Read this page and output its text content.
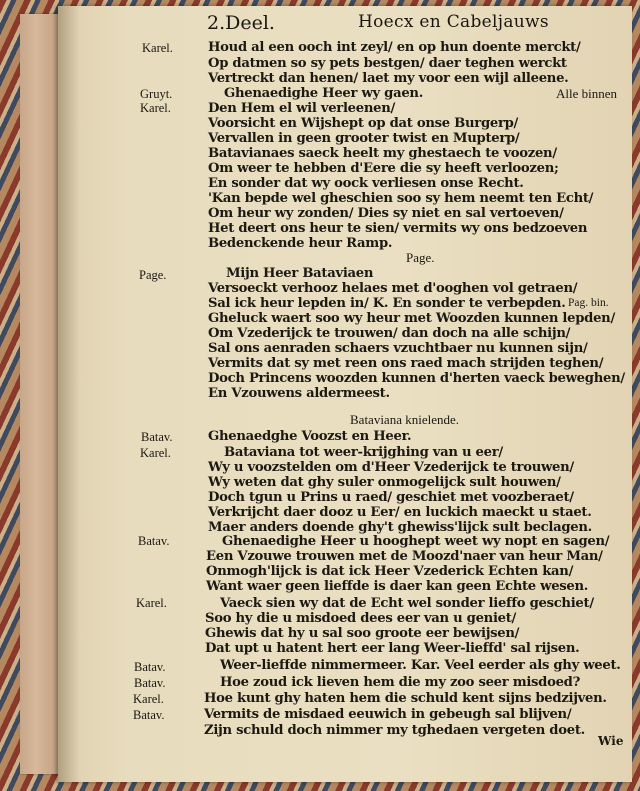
2.Deel.	Hoecx en Cabeljauws
Alle binnen
Page.
Pag. bin.
Bataviana knielende.
Karel.
Gruyt.
Karel.
Page.
Batav.
Karel.
Batav.
Karel.
Batav.
Batav.
Karel.
Batav.
Houd al een ooch int zeyl/ en op hun doente merckt/
Op datmen so sy pets bestgen/ daer teghen werckt
Vertreckt dan henen/ laet my voor een wijl alleene.
Ghenaedighe Heer wy gaen.
Den Hem el wil verleenen/
Voorsicht en Wijshept op dat onse Burgerp/
Vervallen in geen grooter twist en Mupterp/
Batavianaes saeck heelt my ghestaech te voozen/
Om weer te hebben d'Eere die sy heeft verloozen;
En sonder dat wy oock verliesen onse Recht.
'Kan bepde wel gheschien soo sy hem neemt ten Echt/
Om heur wy zonden/ Dies sy niet en sal vertoeven/
Het deert ons heur te sien/ vermits wy ons bedzoeven
Bedenckende heur Ramp.
Mijn Heer Bataviaen
Versoeckt verhooz helaes met d'ooghen vol getraen/
Sal ick heur lepden in/ K. En sonder te verbepden.
Gheluck waert soo wy heur met Woozden kunnen lepden/
Om Vzederijck te trouwen/ dan doch na alle schijn/
Sal ons aenraden schaers vzuchtbaer nu kunnen sijn/
Vermits dat sy met reen ons raed mach strijden teghen/
Doch Princens woozden kunnen d'herten vaeck beweghen/
En Vzouwens aldermeest.
Ghenaedghe Voozst en Heer.
Bataviana tot weer-krijghing van u eer/
Wy u voozstelden om d'Heer Vzederijck te trouwen/
Wy weten dat ghy suler onmogelijck sult houwen/
Doch tgun u Prins u raed/ geschiet met voozberaet/
Verkrijcht daer dooz u Eer/ en luckich maeckt u staet.
Maer anders doende ghy't ghewiss'lijck sult beclagen.
Ghenaedighe Heer u hooghept weet wy nopt en sagen/
Een Vzouwe trouwen met de Moozd'naer van heur Man/
Onmogh'lijck is dat ick Heer Vzederick Echten kan/
Want waer geen lieffde is daer kan geen Echte wesen.
Vaeck sien wy dat de Echt wel sonder lieffo geschiet/
Soo hy die u misdoed dees eer van u geniet/
Ghewis dat hy u sal soo groote eer bewijsen/
Dat upt u hatent hert eer lang Weer-lieffd' sal rijsen.
Weer-lieffde nimmermeer. Kar. Veel eerder als ghy weet.
Hoe zoud ick lieven hem die my zoo seer misdoed?
Hoe kunt ghy haten hem die schuld kent sijns bedzijven.
Vermits de misdaed eeuwich in gebeugh sal blijven/
Zijn schuld doch nimmer my tghedaen vergeten doet.
Wie
